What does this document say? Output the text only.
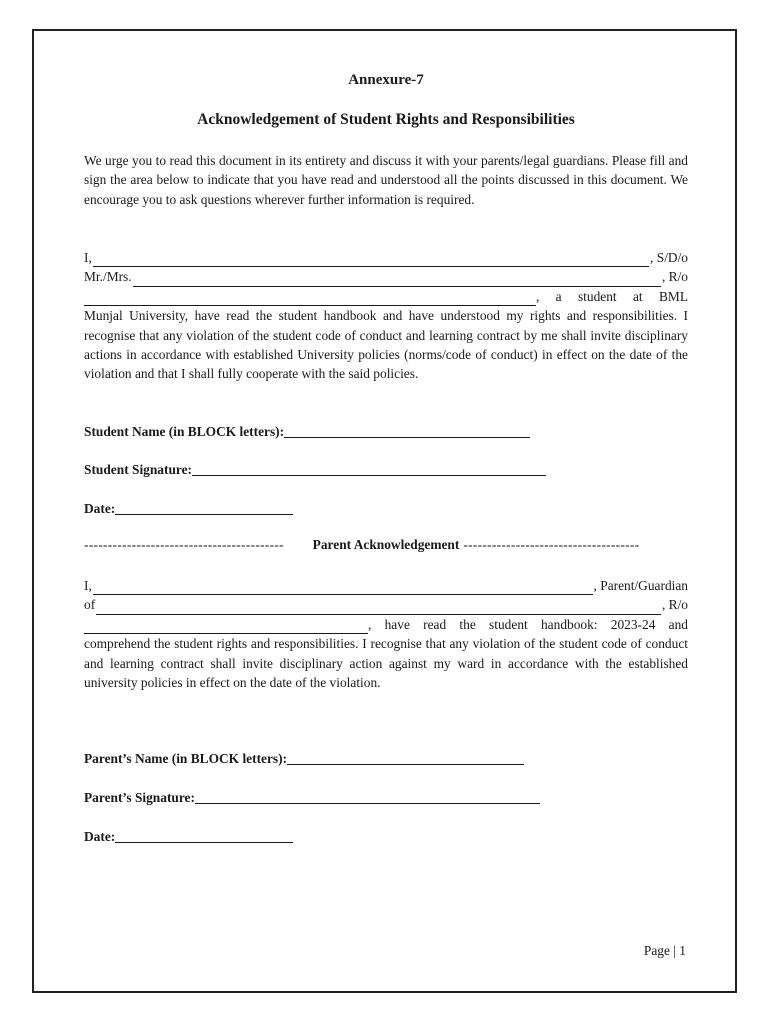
Annexure-7
Acknowledgement of Student Rights and Responsibilities

We urge you to read this document in its entirety and discuss it with your parents/legal guardians. Please fill and sign the area below to indicate that you have read and understood all the points discussed in this document. We encourage you to ask questions wherever further information is required.

I,	, S/D/o
Mr./Mrs.	, R/o
, a student at BML
Munjal University, have read the student handbook and have understood my rights and responsibilities. I recognise that any violation of the student code of conduct and learning contract by me shall invite disciplinary actions in accordance with established University policies (norms/code of conduct) in effect on the date of the violation and that I shall fully cooperate with the said policies.
Student Name (in BLOCK letters):
Student Signature:
Date:
------------------------------------------	Parent Acknowledgement -------------------------------------
I,	, Parent/Guardian
of	, R/o
, have read the student handbook: 2023-24 and
comprehend the student rights and responsibilities. I recognise that any violation of the student code of conduct and learning contract shall invite disciplinary action against my ward in accordance with the established university policies in effect on the date of the violation.
Parent’s Name (in BLOCK letters):
Parent’s Signature:
Date:
Page | 1
